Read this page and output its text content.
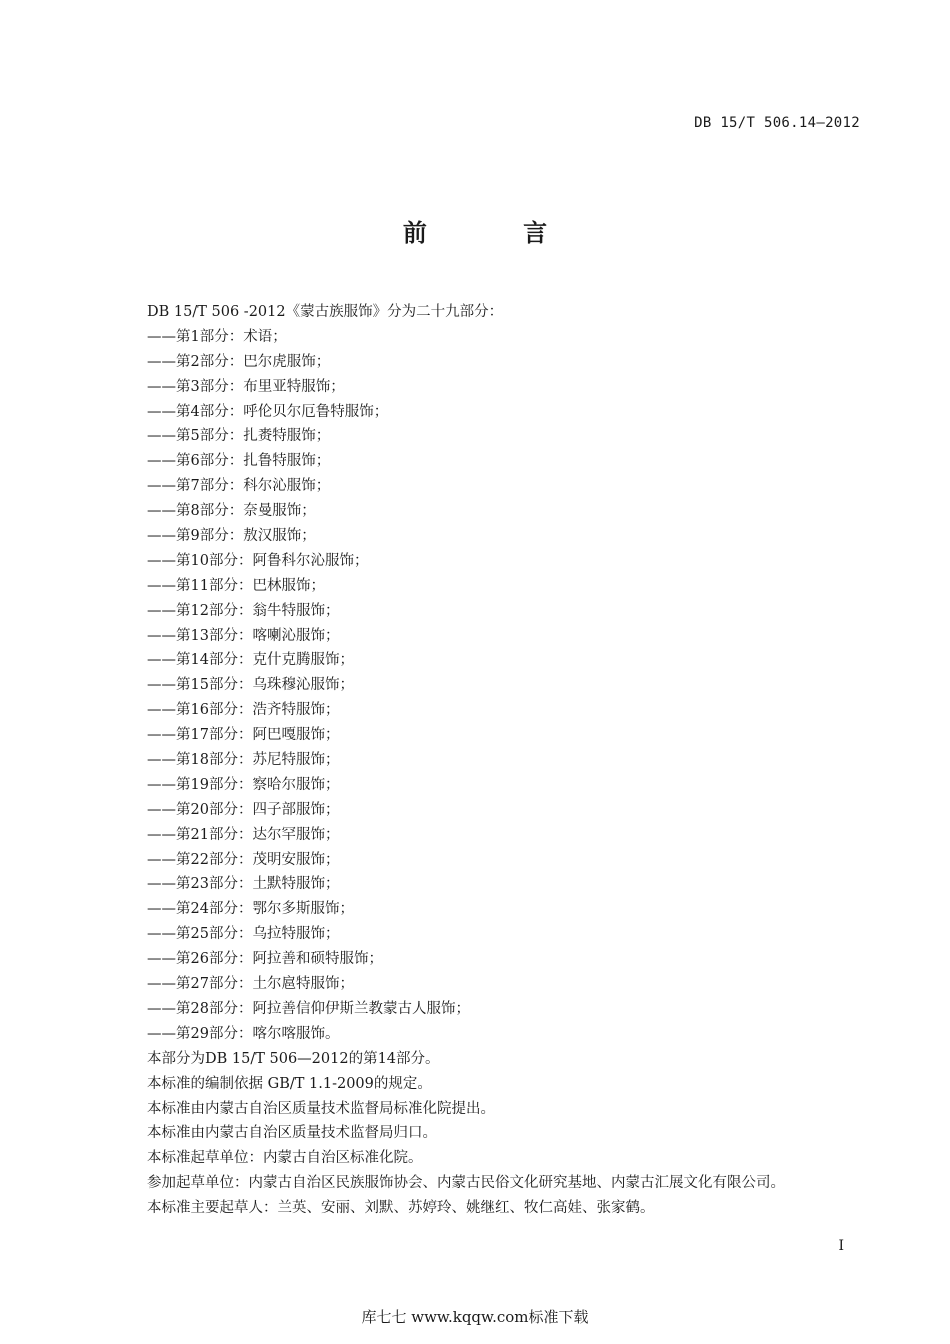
DB 15/T 506.14—2012
前 言
DB 15/T 506 -2012《蒙古族服饰》分为二十九部分：
——第1部分：术语；
——第2部分：巴尔虎服饰；
——第3部分：布里亚特服饰；
——第4部分：呼伦贝尔厄鲁特服饰；
——第5部分：扎赉特服饰；
——第6部分：扎鲁特服饰；
——第7部分：科尔沁服饰；
——第8部分：奈曼服饰；
——第9部分：敖汉服饰；
——第10部分：阿鲁科尔沁服饰；
——第11部分：巴林服饰；
——第12部分：翁牛特服饰；
——第13部分：喀喇沁服饰；
——第14部分：克什克腾服饰；
——第15部分：乌珠穆沁服饰；
——第16部分：浩齐特服饰；
——第17部分：阿巴嘎服饰；
——第18部分：苏尼特服饰；
——第19部分：察哈尔服饰；
——第20部分：四子部服饰；
——第21部分：达尔罕服饰；
——第22部分：茂明安服饰；
——第23部分：土默特服饰；
——第24部分：鄂尔多斯服饰；
——第25部分：乌拉特服饰；
——第26部分：阿拉善和硕特服饰；
——第27部分：土尔扈特服饰；
——第28部分：阿拉善信仰伊斯兰教蒙古人服饰；
——第29部分：喀尔喀服饰。
本部分为DB 15/T 506—2012的第14部分。
本标准的编制依据 GB/T 1.1-2009的规定。
本标准由内蒙古自治区质量技术监督局标准化院提出。
本标准由内蒙古自治区质量技术监督局归口。
本标准起草单位：内蒙古自治区标准化院。
参加起草单位：内蒙古自治区民族服饰协会、内蒙古民俗文化研究基地、内蒙古汇展文化有限公司。
本标准主要起草人：兰英、安丽、刘默、苏婷玲、姚继红、牧仁高娃、张家鹤。
I
库七七 www.kqqw.com标准下载
